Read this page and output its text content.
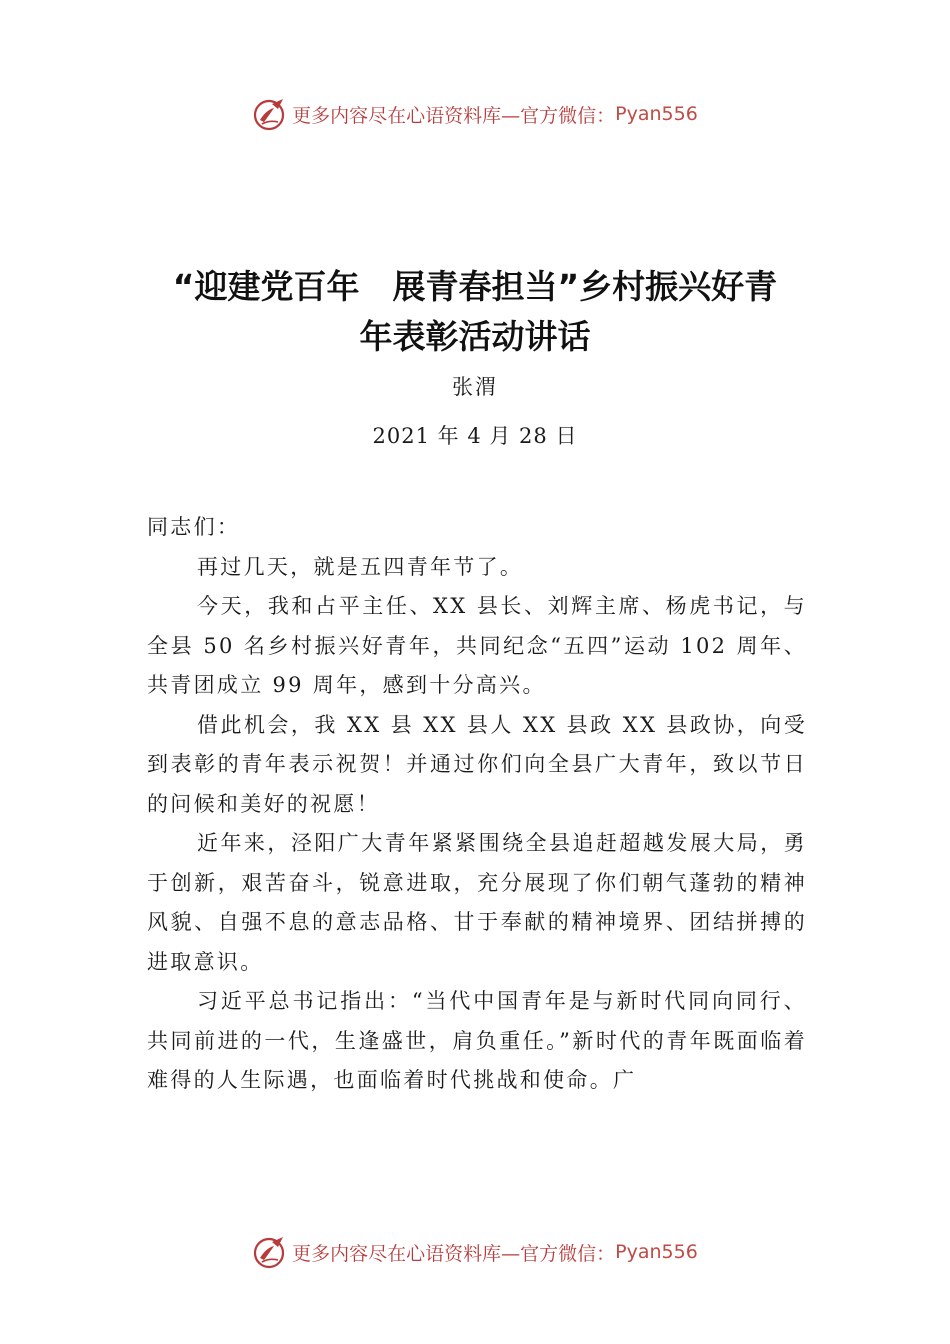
更多内容尽在心语资料库—官方微信： Pyan556
“迎建党百年　展青春担当”乡村振兴好青
年表彰活动讲话
张渭
2021 年 4 月 28 日

同志们：

再过几天，就是五四青年节了。

今天，我和占平主任、XX 县长、刘辉主席、杨虎书记，与全县 50 名乡村振兴好青年，共同纪念“五四”运动 102 周年、共青团成立 99 周年，感到十分高兴。

借此机会，我 XX 县 XX 县人 XX 县政 XX 县政协，向受到表彰的青年表示祝贺！并通过你们向全县广大青年，致以节日的问候和美好的祝愿！

近年来，泾阳广大青年紧紧围绕全县追赶超越发展大局，勇于创新，艰苦奋斗，锐意进取，充分展现了你们朝气蓬勃的精神风貌、自强不息的意志品格、甘于奉献的精神境界、团结拼搏的进取意识。

习近平总书记指出：“当代中国青年是与新时代同向同行、共同前进的一代，生逢盛世，肩负重任。”新时代的青年既面临着难得的人生际遇，也面临着时代挑战和使命。广

更多内容尽在心语资料库—官方微信： Pyan556
